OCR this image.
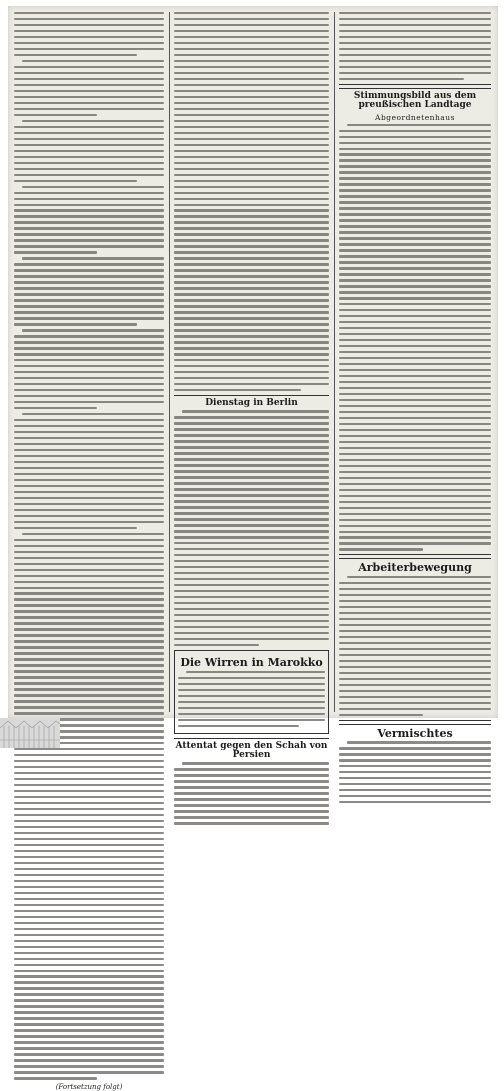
(Fortsetzung folgt)
Dienstag in Berlin
Die Wirren in Marokko
Attentat gegen den Schah von Persien
Stimmungsbild aus dem preußischen Landtage
Abgeordnetenhaus
Arbeiterbewegung
Vermischtes
